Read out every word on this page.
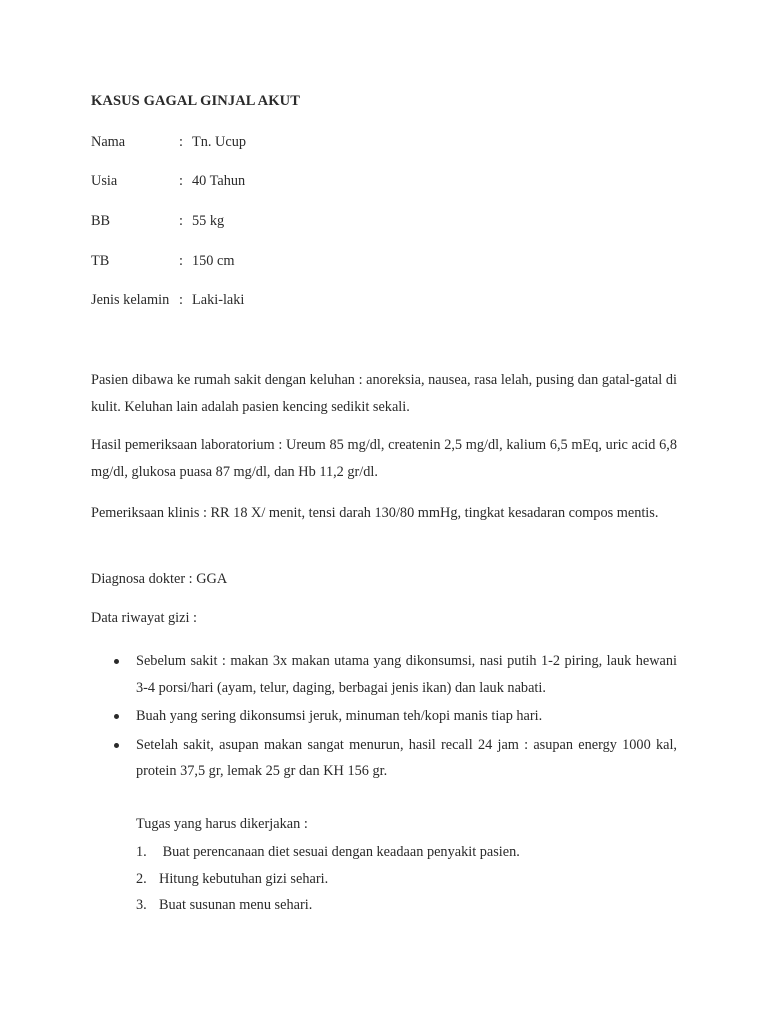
KASUS GAGAL GINJAL AKUT
Nama	: Tn. Ucup
Usia	: 40 Tahun
BB	: 55 kg
TB	: 150 cm
Jenis kelamin : Laki-laki
Pasien dibawa ke rumah sakit dengan keluhan : anoreksia, nausea, rasa lelah, pusing dan gatal-gatal di kulit. Keluhan lain adalah pasien kencing sedikit sekali.
Hasil pemeriksaan laboratorium : Ureum 85 mg/dl, createnin 2,5 mg/dl, kalium 6,5 mEq, uric acid 6,8 mg/dl, glukosa puasa 87 mg/dl, dan Hb 11,2 gr/dl.
Pemeriksaan klinis : RR 18 X/ menit, tensi darah 130/80 mmHg, tingkat kesadaran compos mentis.
Diagnosa dokter : GGA
Data riwayat gizi :
Sebelum sakit : makan 3x makan utama yang dikonsumsi, nasi putih 1-2 piring, lauk hewani 3-4 porsi/hari (ayam, telur, daging, berbagai jenis ikan) dan lauk nabati.
Buah yang sering dikonsumsi jeruk, minuman teh/kopi manis tiap hari.
Setelah sakit, asupan makan sangat menurun, hasil recall 24 jam : asupan energy 1000 kal, protein 37,5 gr, lemak 25 gr dan KH 156 gr.
Tugas yang harus dikerjakan :
1. Buat perencanaan diet sesuai dengan keadaan penyakit pasien.
2. Hitung kebutuhan gizi sehari.
3. Buat susunan menu sehari.
